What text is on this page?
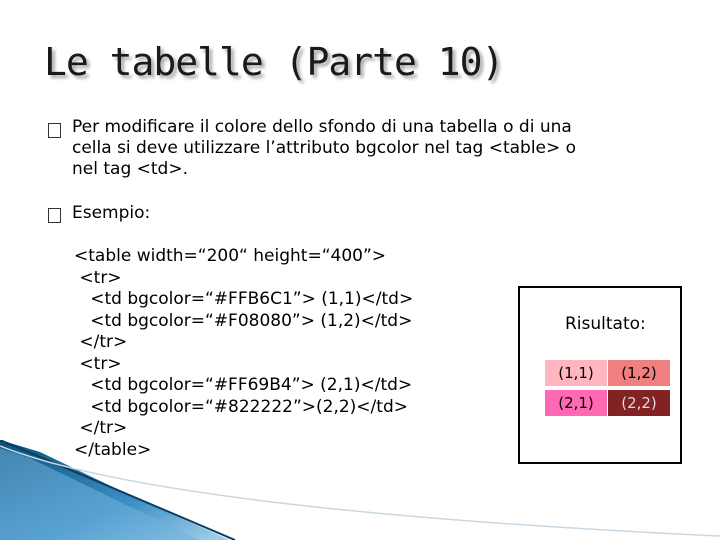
Le tabelle (Parte 10)
Per modificare il colore dello sfondo di una tabella o di una
cella si deve utilizzare l’attributo bgcolor nel tag <table> o
nel tag <td>.
Esempio:
<table width=“200“ height=“400”>
<tr>
<td bgcolor=“#FFB6C1”> (1,1)</td>
<td bgcolor=“#F08080”> (1,2)</td>
</tr>
<tr>
<td bgcolor=“#FF69B4”> (2,1)</td>
<td bgcolor=“#822222”>(2,2)</td>
</tr>
</table>
Risultato:
(1,1)	(1,2)
(2,1)	(2,2)
